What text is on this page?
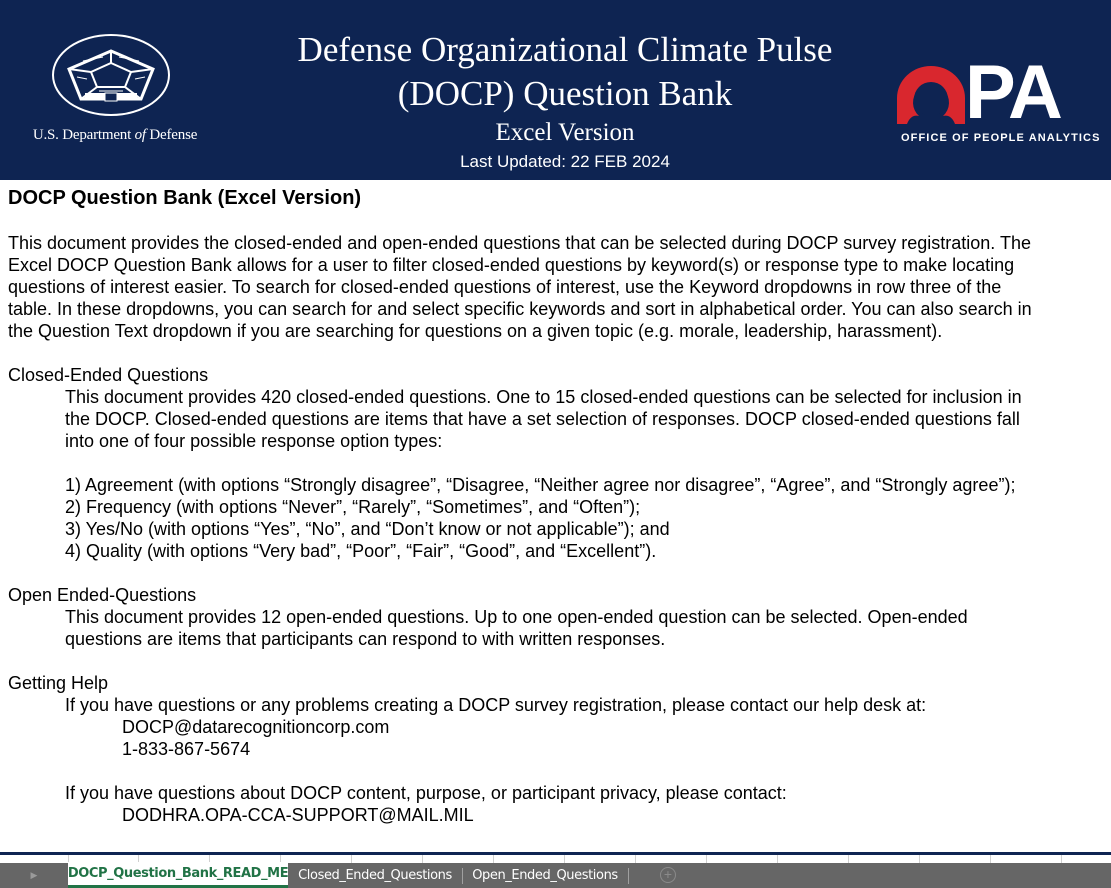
U.S. Department of Defense
Defense Organizational Climate Pulse
(DOCP) Question Bank
Excel Version
Last Updated: 22 FEB 2024
PA
OFFICE OF PEOPLE ANALYTICS
DOCP Question Bank (Excel Version)
This document provides the closed-ended and open-ended questions that can be selected during DOCP survey registration. The
Excel DOCP Question Bank allows for a user to filter closed-ended questions by keyword(s) or response type to make locating
questions of interest easier. To search for closed-ended questions of interest, use the Keyword dropdowns in row three of the
table. In these dropdowns, you can search for and select specific keywords and sort in alphabetical order. You can also search in
the Question Text dropdown if you are searching for questions on a given topic (e.g. morale, leadership, harassment).
Closed-Ended Questions
This document provides 420 closed-ended questions. One to 15 closed-ended questions can be selected for inclusion in
the DOCP. Closed-ended questions are items that have a set selection of responses. DOCP closed-ended questions fall
into one of four possible response option types:
1) Agreement (with options “Strongly disagree”, “Disagree, “Neither agree nor disagree”, “Agree”, and “Strongly agree”);
2) Frequency (with options “Never”, “Rarely”, “Sometimes”, and “Often”);
3) Yes/No (with options “Yes”, “No”, and “Don’t know or not applicable”); and
4) Quality (with options “Very bad”, “Poor”, “Fair”, “Good”, and “Excellent”).
Open Ended-Questions
This document provides 12 open-ended questions. Up to one open-ended question can be selected. Open-ended
questions are items that participants can respond to with written responses.
Getting Help
If you have questions or any problems creating a DOCP survey registration, please contact our help desk at:
DOCP@datarecognitioncorp.com
1-833-867-5674
If you have questions about DOCP content, purpose, or participant privacy, please contact:
DODHRA.OPA-CCA-SUPPORT@MAIL.MIL
▶ DOCP_Question_Bank_READ_ME Closed_Ended_Questions	Open_Ended_Questions	+
